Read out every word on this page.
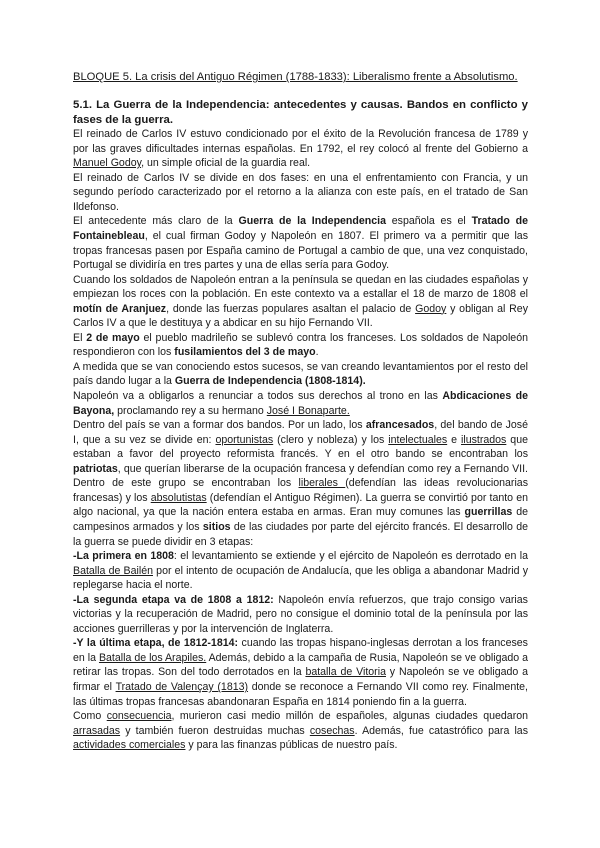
BLOQUE 5. La crisis del Antiguo Régimen (1788-1833): Liberalismo frente a Absolutismo.
5.1. La Guerra de la Independencia: antecedentes y causas. Bandos en conflicto y fases de la guerra.

El reinado de Carlos IV estuvo condicionado por el éxito de la Revolución francesa de 1789 y por las graves dificultades internas españolas. En 1792, el rey colocó al frente del Gobierno a Manuel Godoy, un simple oficial de la guardia real.

El reinado de Carlos IV se divide en dos fases: en una el enfrentamiento con Francia, y un segundo período caracterizado por el retorno a la alianza con este país, en el tratado de San Ildefonso.

El antecedente más claro de la Guerra de la Independencia española es el Tratado de Fontainebleau, el cual firman Godoy y Napoleón en 1807. El primero va a permitir que las tropas francesas pasen por España camino de Portugal a cambio de que, una vez conquistado, Portugal se dividiría en tres partes y una de ellas sería para Godoy.

Cuando los soldados de Napoleón entran a la península se quedan en las ciudades españolas y empiezan los roces con la población. En este contexto va a estallar el 18 de marzo de 1808 el motín de Aranjuez, donde las fuerzas populares asaltan el palacio de Godoy y obligan al Rey Carlos IV a que le destituya y a abdicar en su hijo Fernando VII.

El 2 de mayo el pueblo madrileño se sublevó contra los franceses. Los soldados de Napoleón respondieron con los fusilamientos del 3 de mayo.

A medida que se van conociendo estos sucesos, se van creando levantamientos por el resto del país dando lugar a la Guerra de Independencia (1808-1814).

Napoleón va a obligarlos a renunciar a todos sus derechos al trono en las Abdicaciones de Bayona, proclamando rey a su hermano José I Bonaparte.

Dentro del país se van a formar dos bandos. Por un lado, los afrancesados, del bando de José I, que a su vez se divide en: oportunistas (clero y nobleza) y los intelectuales e ilustrados que estaban a favor del proyecto reformista francés. Y en el otro bando se encontraban los patriotas, que querían liberarse de la ocupación francesa y defendían como rey a Fernando VII. Dentro de este grupo se encontraban los liberales (defendían las ideas revolucionarias francesas) y los absolutistas (defendían el Antiguo Régimen). La guerra se convirtió por tanto en algo nacional, ya que la nación entera estaba en armas. Eran muy comunes las guerrillas de campesinos armados y los sitios de las ciudades por parte del ejército francés. El desarrollo de la guerra se puede dividir en 3 etapas:

-La primera en 1808: el levantamiento se extiende y el ejército de Napoleón es derrotado en la Batalla de Bailén por el intento de ocupación de Andalucía, que les obliga a abandonar Madrid y replegarse hacia el norte.

-La segunda etapa va de 1808 a 1812: Napoleón envía refuerzos, que trajo consigo varias victorias y la recuperación de Madrid, pero no consigue el dominio total de la península por las acciones guerrilleras y por la intervención de Inglaterra.

-Y la última etapa, de 1812-1814: cuando las tropas hispano-inglesas derrotan a los franceses en la Batalla de los Arapiles. Además, debido a la campaña de Rusia, Napoleón se ve obligado a retirar las tropas. Son del todo derrotados en la batalla de Vitoria y Napoleón se ve obligado a firmar el Tratado de Valençay (1813) donde se reconoce a Fernando VII como rey. Finalmente, las últimas tropas francesas abandonaran España en 1814 poniendo fin a la guerra.

Como consecuencia, murieron casi medio millón de españoles, algunas ciudades quedaron arrasadas y también fueron destruidas muchas cosechas. Además, fue catastrófico para las actividades comerciales y para las finanzas públicas de nuestro país.
